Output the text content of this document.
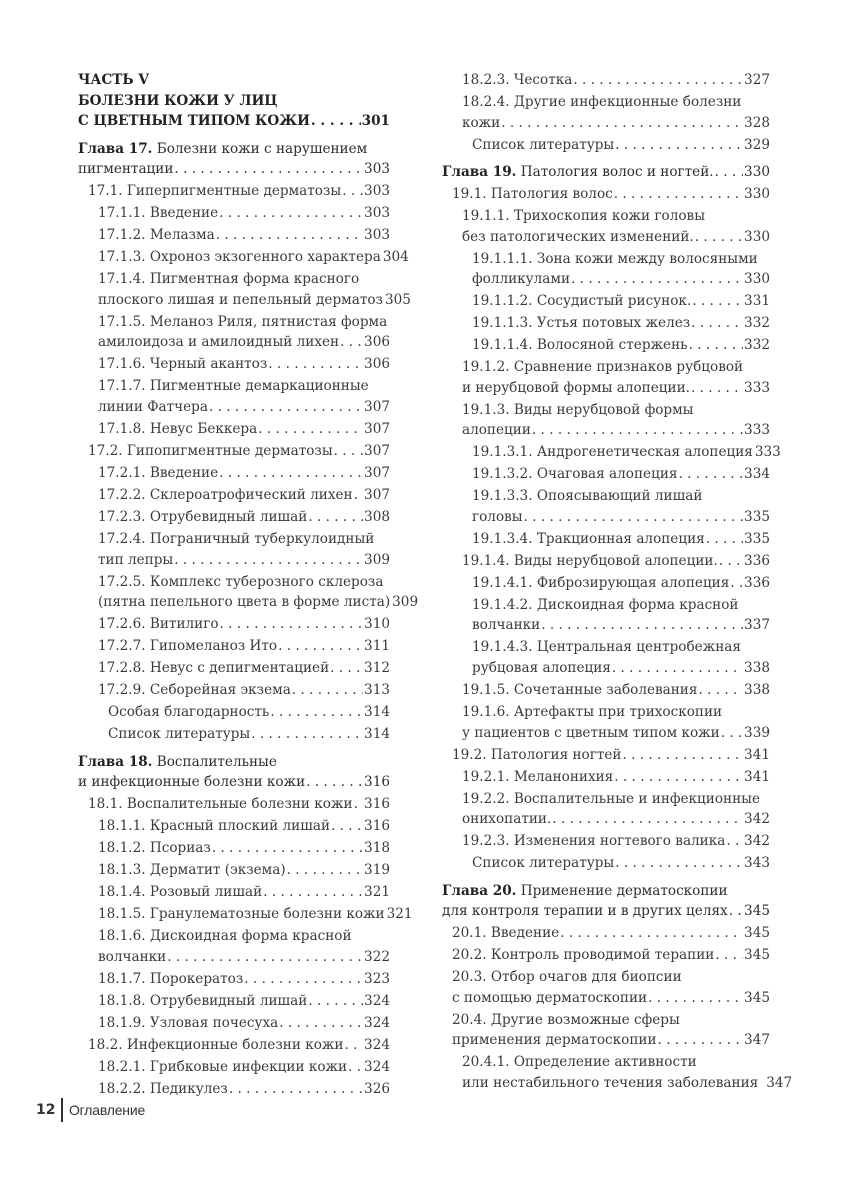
ЧАСТЬ V
БОЛЕЗНИ КОЖИ У ЛИЦ
С ЦВЕТНЫМ ТИПОМ КОЖИ . . .	301
Глава 17. Болезни кожи с нарушением
пигментации . . .	303
17.1. Гиперпигментные дерматозы . . . 303
17.1.1. Введение . . .	303
17.1.2. Мелазма . . .	303
17.1.3. Охроноз экзогенного характера 304
17.1.4. Пигментная форма красного
плоского лишая и пепельный дерматоз 305
17.1.5. Меланоз Риля, пятнистая форма
амилоидоза и амилоидный лихен . . . 306
17.1.6. Черный акантоз . . .	306
17.1.7. Пигментные демаркационные
линии Фатчера . . .	307
17.1.8. Невус Беккера . . .	307
17.2. Гипопигментные дерматозы . . . 307
17.2.1. Введение . . .	307
17.2.2. Склероатрофический лихен . . . 307
17.2.3. Отрубевидный лишай . . .	308
17.2.4. Пограничный туберкулоидный
тип лепры . . .	309
17.2.5. Комплекс туберозного склероза
(пятна пепельного цвета в форме листа) 309
17.2.6. Витилиго . . .	310
17.2.7. Гипомеланоз Ито . . .	311
17.2.8. Невус с депигментацией . . .	312
17.2.9. Себорейная экзема . . .	313
Особая благодарность . . .	314
Список литературы . . .	314
Глава 18. Воспалительные
и инфекционные болезни кожи . . .	316
18.1. Воспалительные болезни кожи . . . 316
18.1.1. Красный плоский лишай . . .	316
18.1.2. Псориаз . . .	318
18.1.3. Дерматит (экзема) . . .	319
18.1.4. Розовый лишай . . .	321
18.1.5. Гранулематозные болезни кожи 321
18.1.6. Дискоидная форма красной
волчанки . . .	322
18.1.7. Порокератоз . . .	323
18.1.8. Отрубевидный лишай . . .	324
18.1.9. Узловая почесуха . . .	324
18.2. Инфекционные болезни кожи . . . 324
18.2.1. Грибковые инфекции кожи . . . 324
18.2.2. Педикулез . . .	326
18.2.3. Чесотка . . .	327
18.2.4. Другие инфекционные болезни
кожи . . .	328
Список литературы . . .	329
Глава 19. Патология волос и ногтей. . . . 330
19.1. Патология волос . . .	330
19.1.1. Трихоскопия кожи головы
без патологических изменений. . . .	330
19.1.1.1. Зона кожи между волосяными
фолликулами . . .	330
19.1.1.2. Сосудистый рисунок. . . .	331
19.1.1.3. Устья потовых желез . . .	332
19.1.1.4. Волосяной стержень . . .	332
19.1.2. Сравнение признаков рубцовой
и нерубцовой формы алопеции. . . .	333
19.1.3. Виды нерубцовой формы
алопеции . . .	333
19.1.3.1. Андрогенетическая алопеция 333
19.1.3.2. Очаговая алопеция . . .	334
19.1.3.3. Опоясывающий лишай
головы . . .	335
19.1.3.4. Тракционная алопеция . . .	335
19.1.4. Виды нерубцовой алопеции. . . . 336
19.1.4.1. Фиброзирующая алопеция . . . 336
19.1.4.2. Дискоидная форма красной
волчанки . . .	337
19.1.4.3. Центральная центробежная
рубцовая алопеция . . .	338
19.1.5. Сочетанные заболевания . . .	338
19.1.6. Артефакты при трихоскопии
у пациентов с цветным типом кожи . . . 339
19.2. Патология ногтей . . .	341
19.2.1. Меланонихия . . .	341
19.2.2. Воспалительные и инфекционные
онихопатии. . . .	342
19.2.3. Изменения ногтевого валика . . . 342
Список литературы . . .	343
Глава 20. Применение дерматоскопии
для контроля терапии и в других целях . . . 345
20.1. Введение . . .	345
20.2. Контроль проводимой терапии . . . 345
20.3. Отбор очагов для биопсии
с помощью дерматоскопии . . .	345
20.4. Другие возможные сферы
применения дерматоскопии . . .	347
20.4.1. Определение активности
или нестабильного течения заболевания 347
12 Оглавление
